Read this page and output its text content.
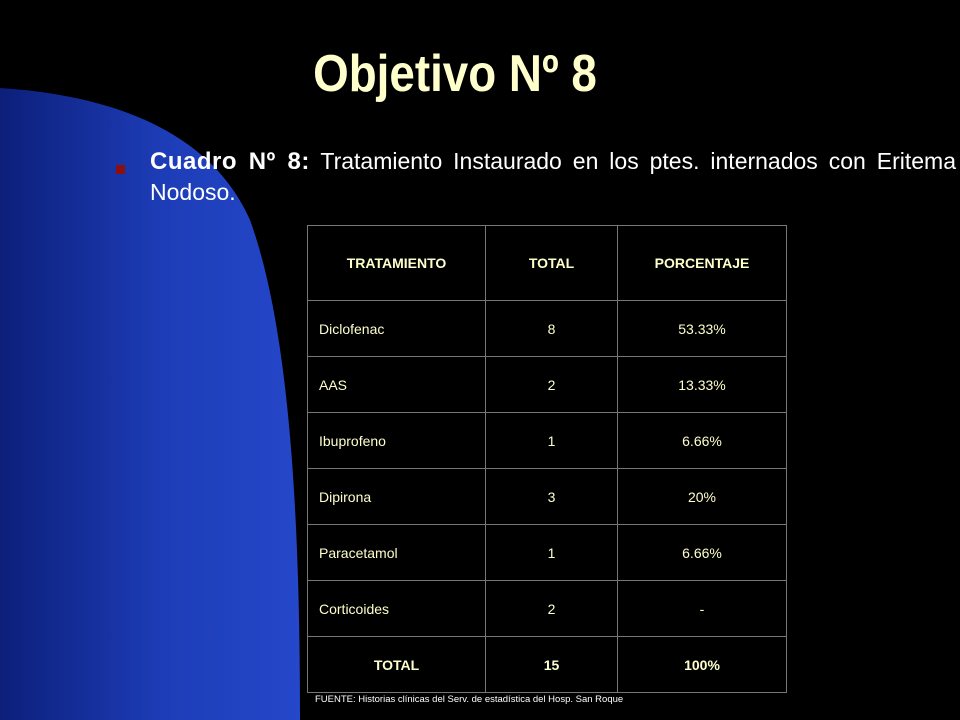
Objetivo Nº 8
Cuadro Nº 8: Tratamiento Instaurado en los ptes. internados con Eritema Nodoso.
TRATAMIENTO	TOTAL	PORCENTAJE
Diclofenac	8	53.33%
AAS	2	13.33%
Ibuprofeno	1	6.66%
Dipirona	3	20%
Paracetamol	1	6.66%
Corticoides	2	-
TOTAL	15	100%
FUENTE: Historias clínicas del Serv. de estadística del Hosp. San Roque
